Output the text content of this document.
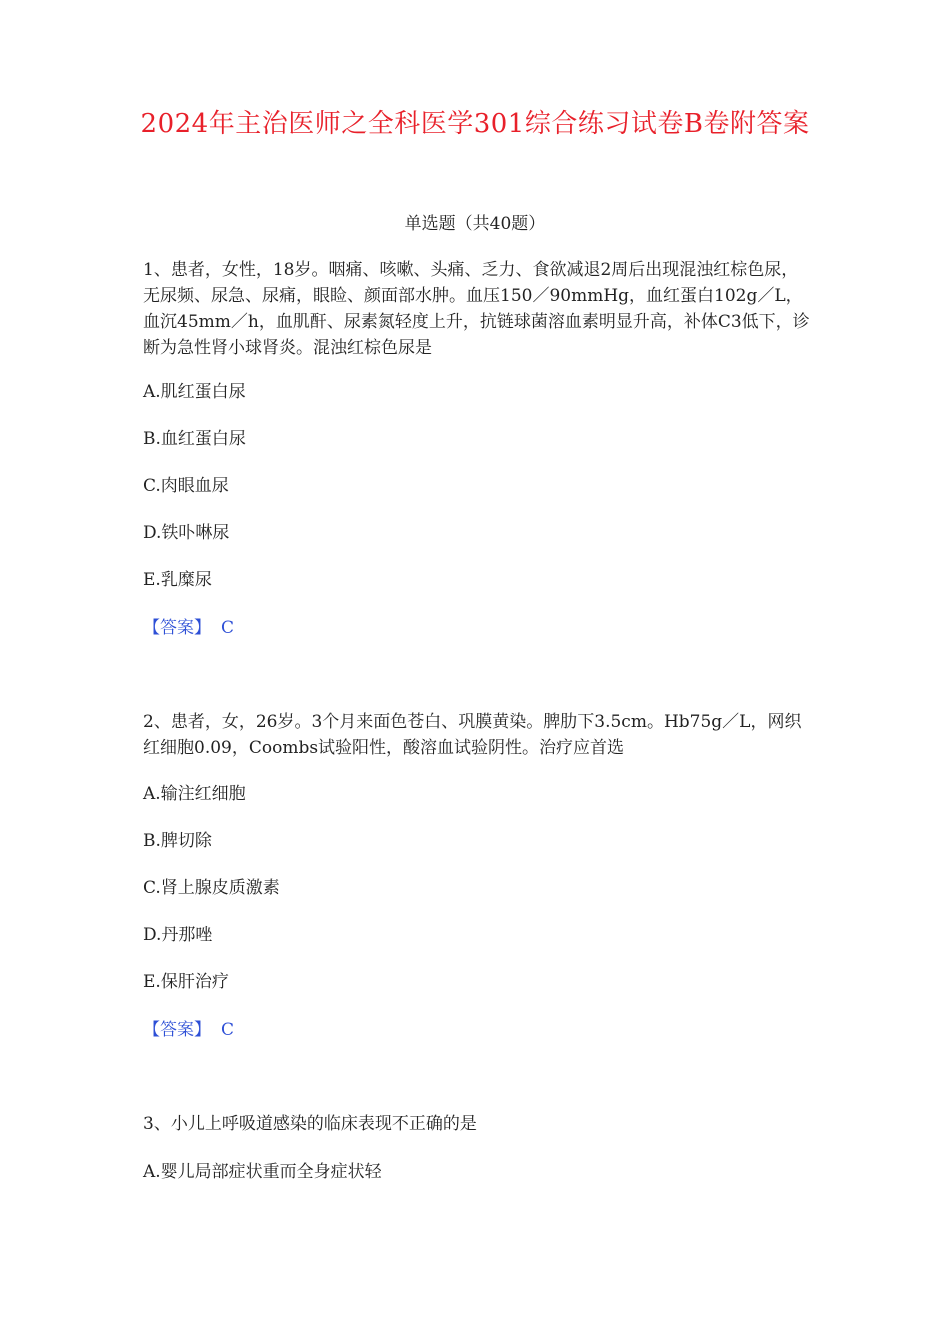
2024年主治医师之全科医学301综合练习试卷B卷附答案
单选题（共40题）
1、患者，女性，18岁。咽痛、咳嗽、头痛、乏力、食欲减退2周后出现混浊红棕色尿，无尿频、尿急、尿痛，眼睑、颜面部水肿。血压150／90mmHg，血红蛋白102g／L，血沉45mm／h，血肌酐、尿素氮轻度上升，抗链球菌溶血素明显升高，补体C3低下，诊断为急性肾小球肾炎。混浊红棕色尿是
A.肌红蛋白尿
B.血红蛋白尿
C.肉眼血尿
D.铁卟啉尿
E.乳糜尿
【答案】 C
2、患者，女，26岁。3个月来面色苍白、巩膜黄染。脾肋下3.5cm。Hb75g／L，网织红细胞0.09，Coombs试验阳性，酸溶血试验阴性。治疗应首选
A.输注红细胞
B.脾切除
C.肾上腺皮质激素
D.丹那唑
E.保肝治疗
【答案】 C
3、小儿上呼吸道感染的临床表现不正确的是
A.婴儿局部症状重而全身症状轻
